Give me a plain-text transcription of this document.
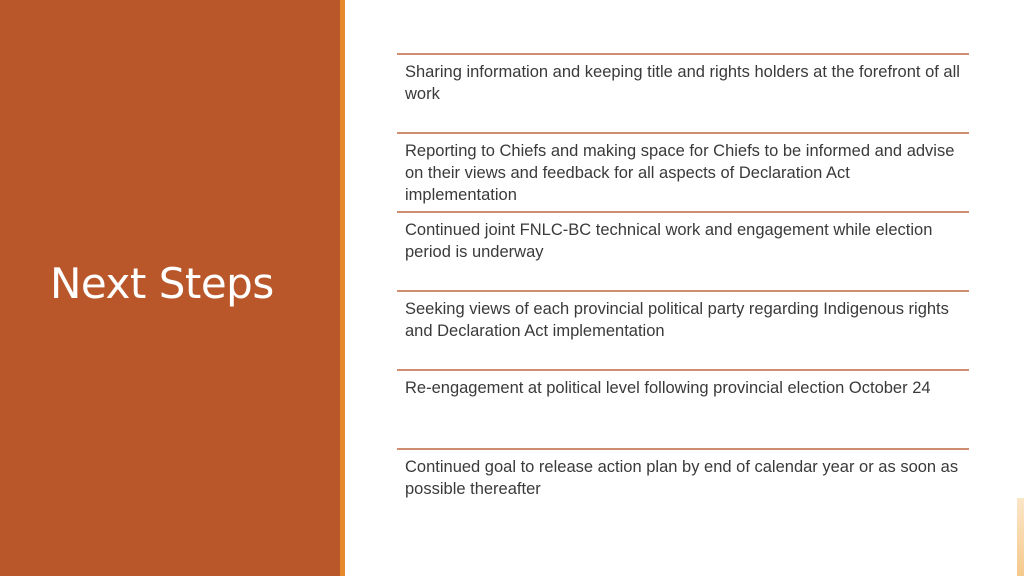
Next Steps
Sharing information and keeping title and rights holders at the forefront of all work
Reporting to Chiefs and making space for Chiefs to be informed and advise on their views and feedback for all aspects of Declaration Act implementation
Continued joint FNLC-BC technical work and engagement while election period is underway
Seeking views of each provincial political party regarding Indigenous rights and Declaration Act implementation
Re-engagement at political level following provincial election October 24
Continued goal to release action plan by end of calendar year or as soon as possible thereafter
